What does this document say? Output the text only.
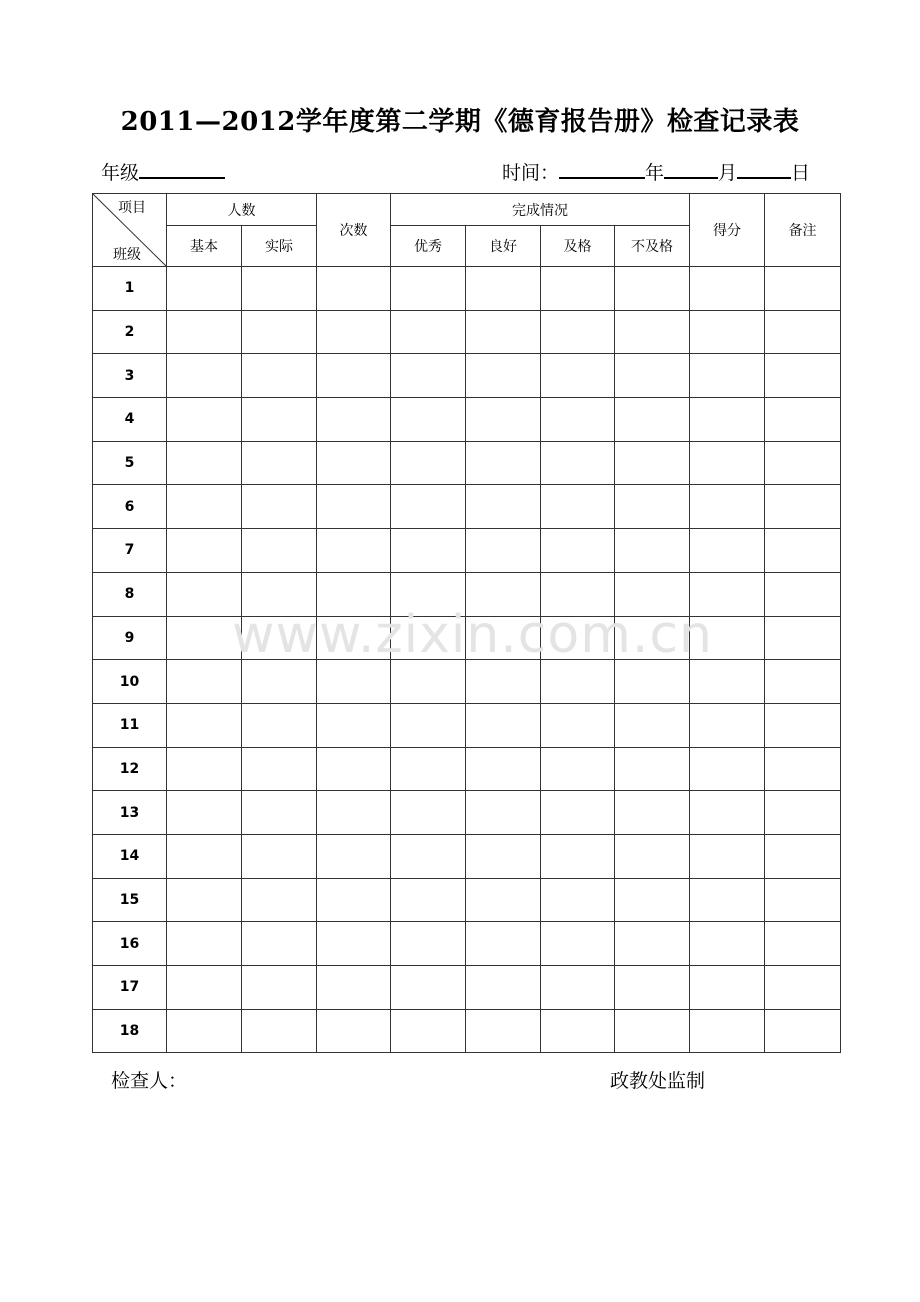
2011—2012学年度第二学期《德育报告册》检查记录表
年级	时间：	年	月	日
项目
班级	人数		次数	完成情况				得分	备注
	基本	实际		优秀	良好	及格	不及格		
1									
2									
3									
4									
5									
6									
7									
8									
9									
10									
11									
12									
13									
14									
15									
16									
17									
18									
www.zixin.com.cn
检查人：	政教处监制
